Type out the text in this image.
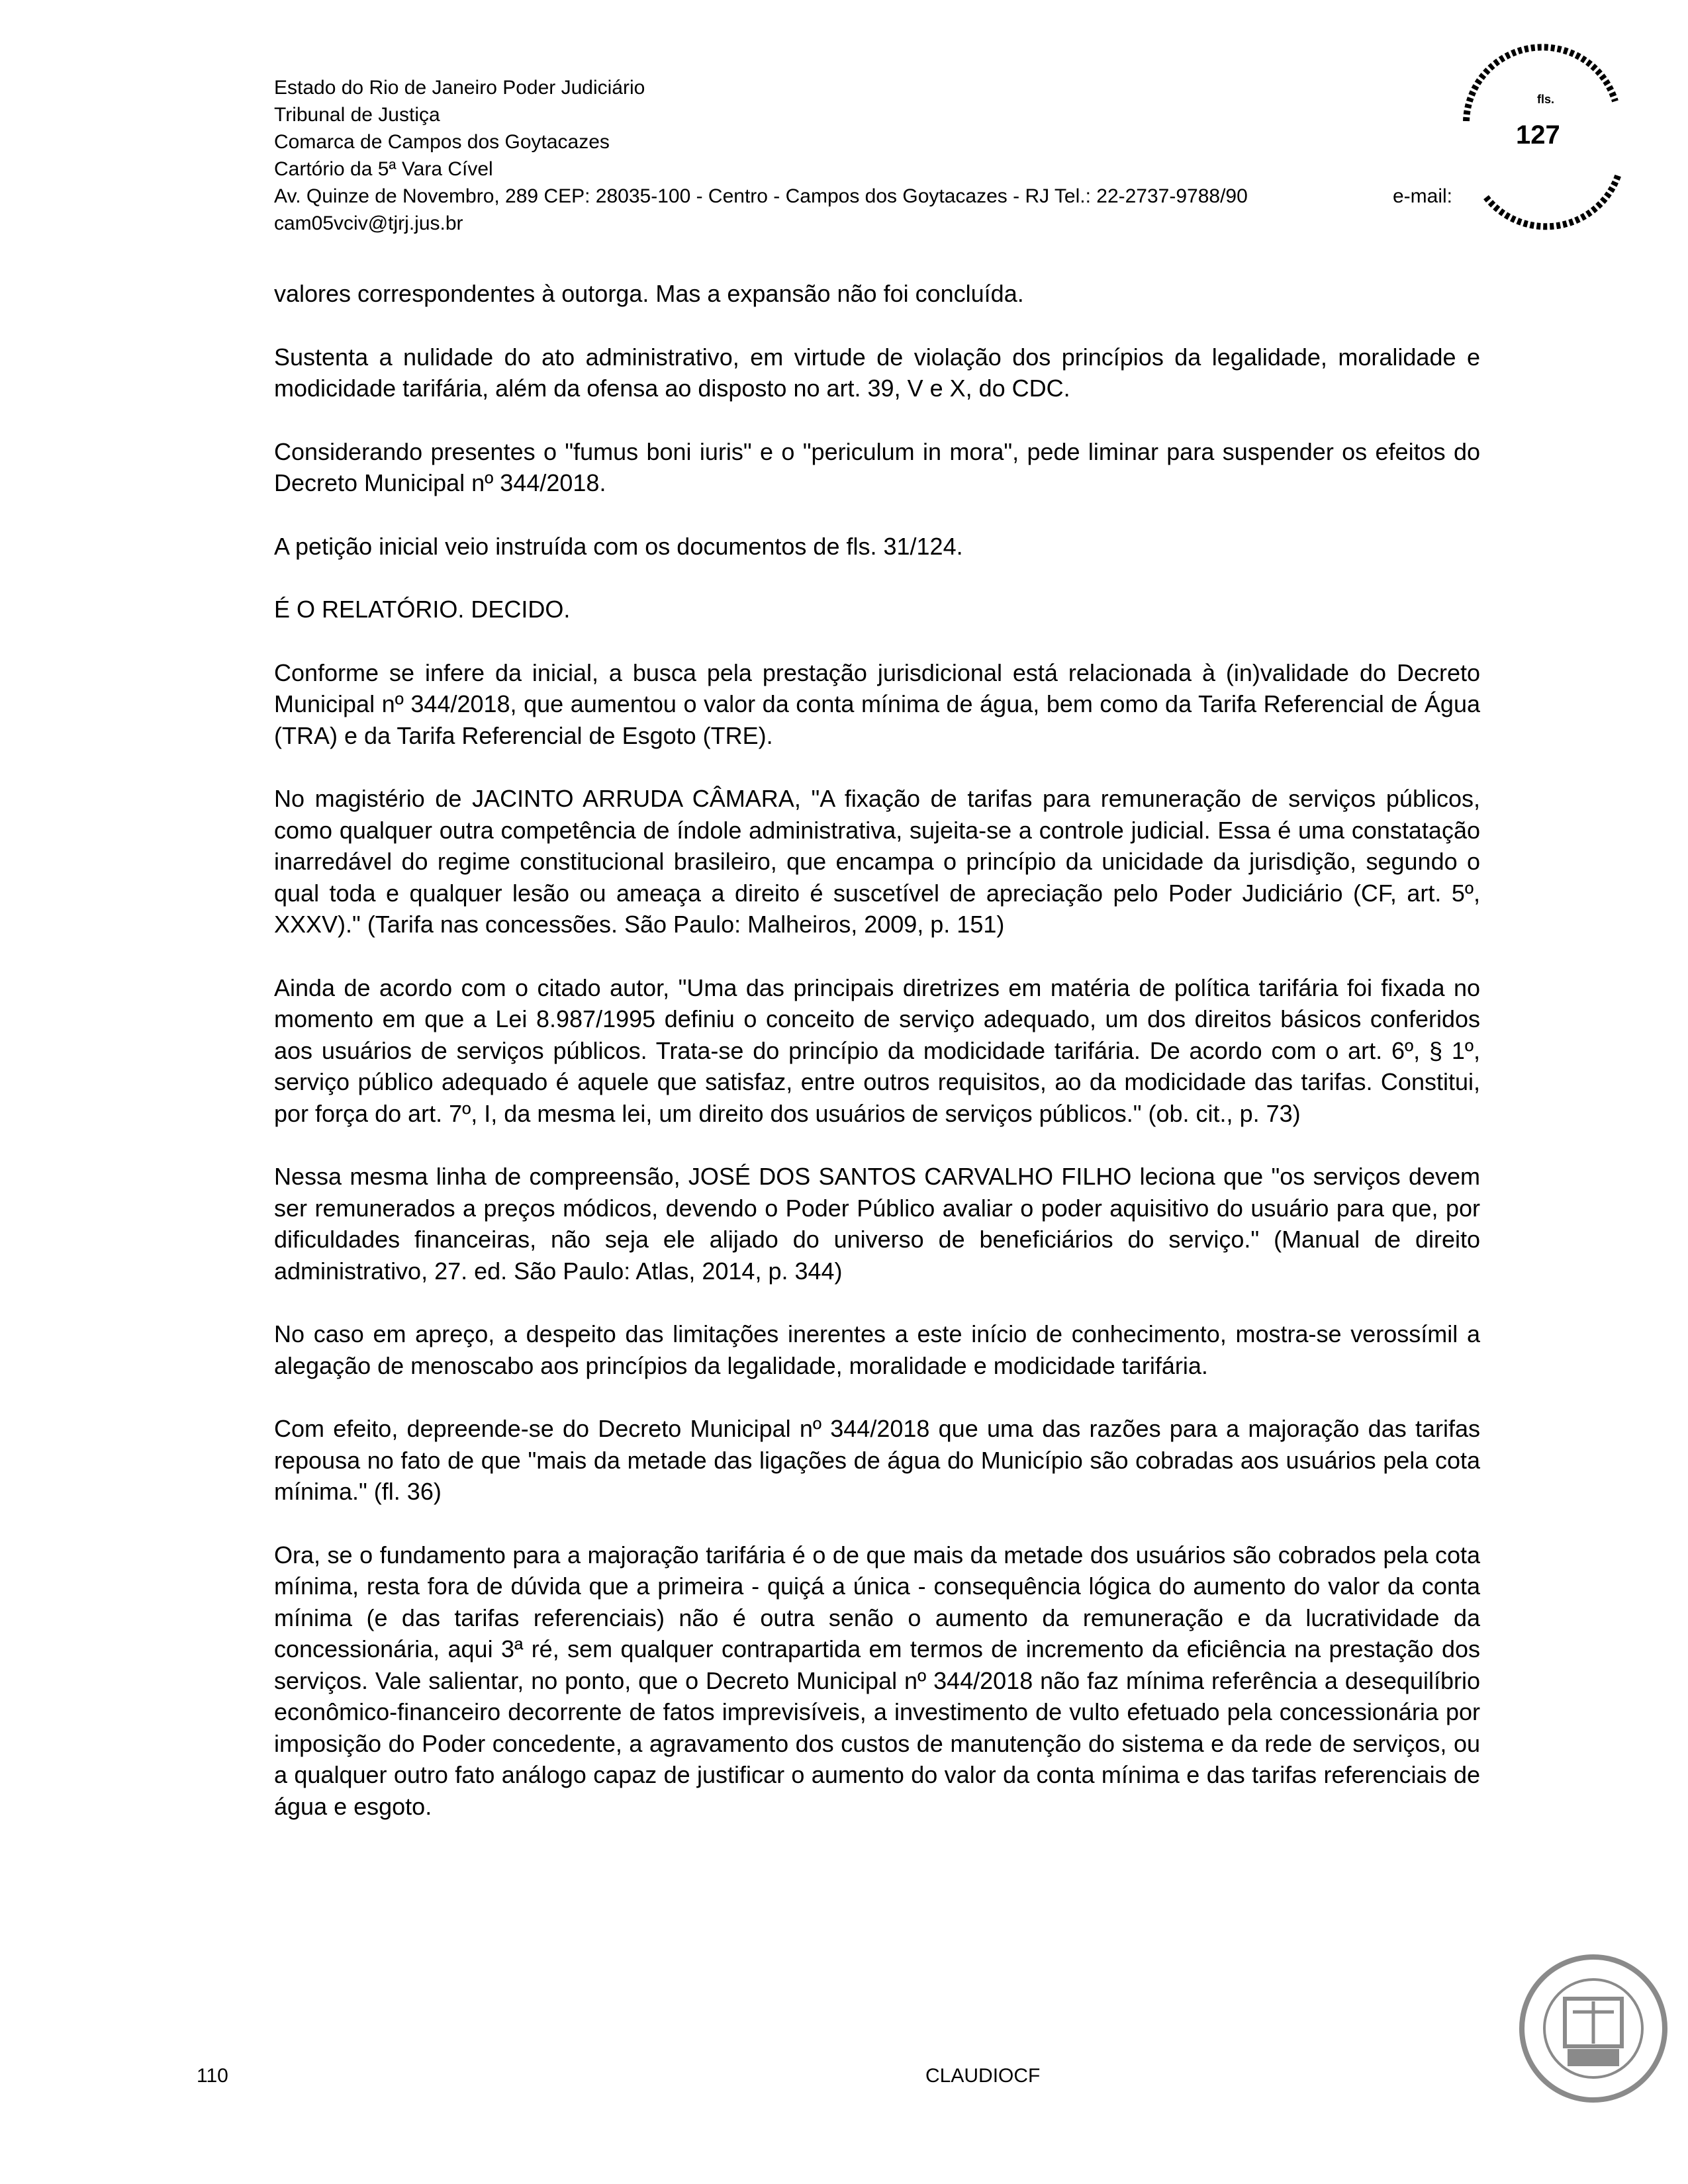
Estado do Rio de Janeiro Poder Judiciário
Tribunal de Justiça
Comarca de Campos dos Goytacazes
Cartório da 5ª Vara Cível
Av. Quinze de Novembro, 289 CEP: 28035-100 - Centro - Campos dos Goytacazes - RJ Tel.: 22-2737-9788/90	e-mail:
cam05vciv@tjrj.jus.br
fls.
127

valores correspondentes à outorga. Mas a expansão não foi concluída.

Sustenta a nulidade do ato administrativo, em virtude de violação dos princípios da legalidade, moralidade e modicidade tarifária, além da ofensa ao disposto no art. 39, V e X, do CDC.

Considerando presentes o "fumus boni iuris" e o "periculum in mora", pede liminar para suspender os efeitos do Decreto Municipal nº 344/2018.

A petição inicial veio instruída com os documentos de fls. 31/124.

É O RELATÓRIO. DECIDO.

Conforme se infere da inicial, a busca pela prestação jurisdicional está relacionada à (in)validade do Decreto Municipal nº 344/2018, que aumentou o valor da conta mínima de água, bem como da Tarifa Referencial de Água (TRA) e da Tarifa Referencial de Esgoto (TRE).

No magistério de JACINTO ARRUDA CÂMARA, "A fixação de tarifas para remuneração de serviços públicos, como qualquer outra competência de índole administrativa, sujeita-se a controle judicial. Essa é uma constatação inarredável do regime constitucional brasileiro, que encampa o princípio da unicidade da jurisdição, segundo o qual toda e qualquer lesão ou ameaça a direito é suscetível de apreciação pelo Poder Judiciário (CF, art. 5º, XXXV)." (Tarifa nas concessões. São Paulo: Malheiros, 2009, p. 151)

Ainda de acordo com o citado autor, "Uma das principais diretrizes em matéria de política tarifária foi fixada no momento em que a Lei 8.987/1995 definiu o conceito de serviço adequado, um dos direitos básicos conferidos aos usuários de serviços públicos. Trata-se do princípio da modicidade tarifária. De acordo com o art. 6º, § 1º, serviço público adequado é aquele que satisfaz, entre outros requisitos, ao da modicidade das tarifas. Constitui, por força do art. 7º, I, da mesma lei, um direito dos usuários de serviços públicos." (ob. cit., p. 73)

Nessa mesma linha de compreensão, JOSÉ DOS SANTOS CARVALHO FILHO leciona que "os serviços devem ser remunerados a preços módicos, devendo o Poder Público avaliar o poder aquisitivo do usuário para que, por dificuldades financeiras, não seja ele alijado do universo de beneficiários do serviço." (Manual de direito administrativo, 27. ed. São Paulo: Atlas, 2014, p. 344)

No caso em apreço, a despeito das limitações inerentes a este início de conhecimento, mostra-se verossímil a alegação de menoscabo aos princípios da legalidade, moralidade e modicidade tarifária.

Com efeito, depreende-se do Decreto Municipal nº 344/2018 que uma das razões para a majoração das tarifas repousa no fato de que "mais da metade das ligações de água do Município são cobradas aos usuários pela cota mínima." (fl. 36)

Ora, se o fundamento para a majoração tarifária é o de que mais da metade dos usuários são cobrados pela cota mínima, resta fora de dúvida que a primeira - quiçá a única - consequência lógica do aumento do valor da conta mínima (e das tarifas referenciais) não é outra senão o aumento da remuneração e da lucratividade da concessionária, aqui 3ª ré, sem qualquer contrapartida em termos de incremento da eficiência na prestação dos serviços. Vale salientar, no ponto, que o Decreto Municipal nº 344/2018 não faz mínima referência a desequilíbrio econômico-financeiro decorrente de fatos imprevisíveis, a investimento de vulto efetuado pela concessionária por imposição do Poder concedente, a agravamento dos custos de manutenção do sistema e da rede de serviços, ou a qualquer outro fato análogo capaz de justificar o aumento do valor da conta mínima e das tarifas referenciais de água e esgoto.

110	CLAUDIOCF
